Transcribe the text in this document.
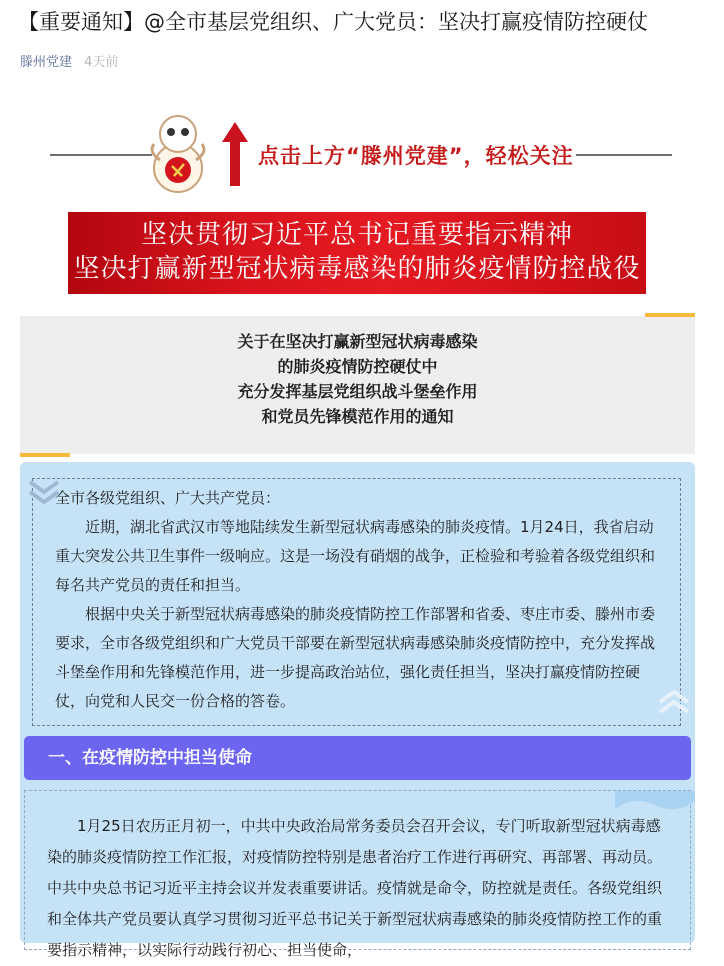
【重要通知】@全市基层党组织、广大党员：坚决打赢疫情防控硬仗
滕州党建 4天前
点击上方“滕州党建”，轻松关注
坚决贯彻习近平总书记重要指示精神
坚决打赢新型冠状病毒感染的肺炎疫情防控战役
关于在坚决打赢新型冠状病毒感染
的肺炎疫情防控硬仗中
充分发挥基层党组织战斗堡垒作用
和党员先锋模范作用的通知

全市各级党组织、广大共产党员：

近期，湖北省武汉市等地陆续发生新型冠状病毒感染的肺炎疫情。1月24日，我省启动重大突发公共卫生事件一级响应。这是一场没有硝烟的战争，正检验和考验着各级党组织和每名共产党员的责任和担当。

根据中央关于新型冠状病毒感染的肺炎疫情防控工作部署和省委、枣庄市委、滕州市委要求，全市各级党组织和广大党员干部要在新型冠状病毒感染肺炎疫情防控中，充分发挥战斗堡垒作用和先锋模范作用，进一步提高政治站位，强化责任担当，坚决打赢疫情防控硬仗，向党和人民交一份合格的答卷。

一、在疫情防控中担当使命

1月25日农历正月初一，中共中央政治局常务委员会召开会议，专门听取新型冠状病毒感染的肺炎疫情防控工作汇报，对疫情防控特别是患者治疗工作进行再研究、再部署、再动员。中共中央总书记习近平主持会议并发表重要讲话。疫情就是命令，防控就是责任。各级党组织和全体共产党员要认真学习贯彻习近平总书记关于新型冠状病毒感染的肺炎疫情防控工作的重要指示精神，以实际行动践行初心、担当使命，
